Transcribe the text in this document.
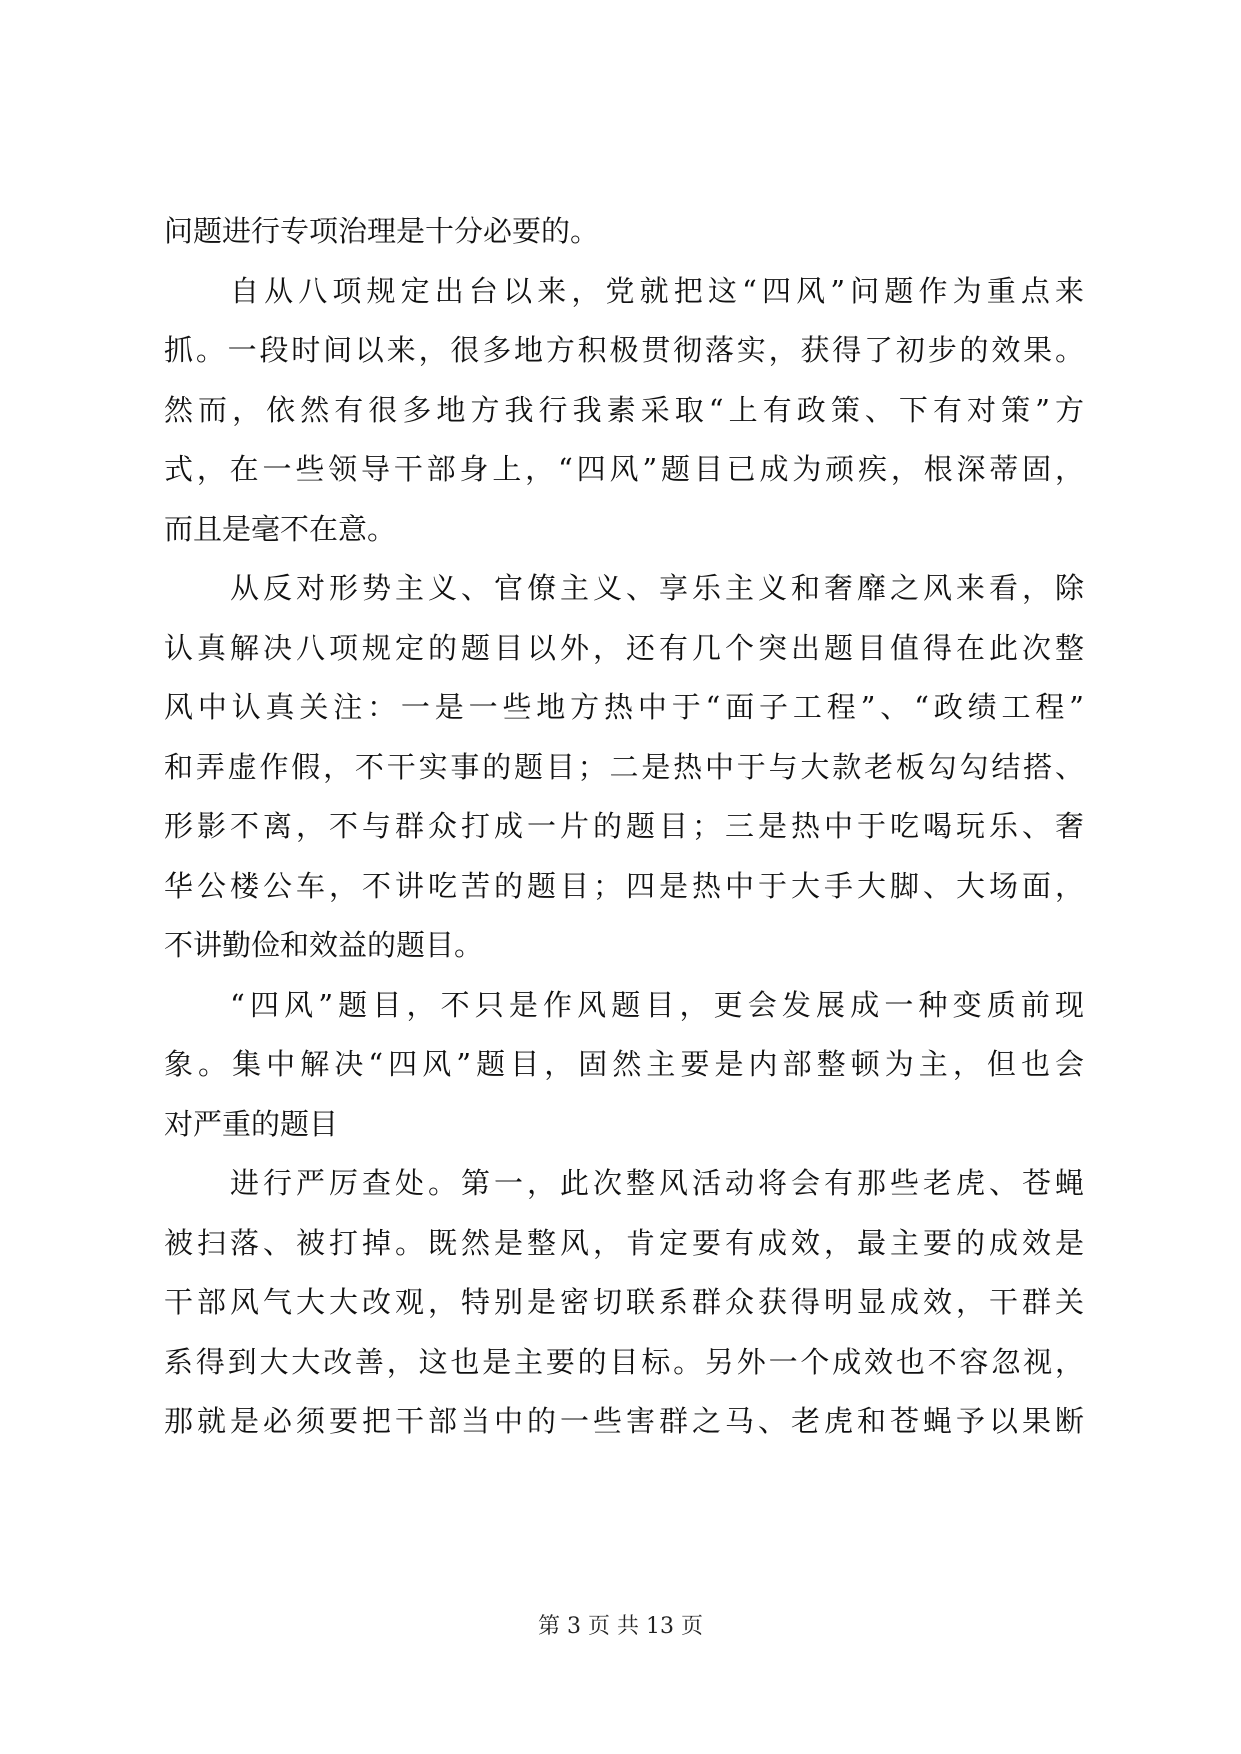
问题进行专项治理是十分必要的。
自从八项规定出台以来，党就把这“四风”问题作为重点来
抓。一段时间以来，很多地方积极贯彻落实，获得了初步的效果。
然而，依然有很多地方我行我素采取“上有政策、下有对策”方
式，在一些领导干部身上，“四风”题目已成为顽疾，根深蒂固，
而且是毫不在意。
从反对形势主义、官僚主义、享乐主义和奢靡之风来看，除
认真解决八项规定的题目以外，还有几个突出题目值得在此次整
风中认真关注：一是一些地方热中于“面子工程”、“政绩工程”
和弄虚作假，不干实事的题目；二是热中于与大款老板勾勾结搭、
形影不离，不与群众打成一片的题目；三是热中于吃喝玩乐、奢
华公楼公车，不讲吃苦的题目；四是热中于大手大脚、大场面，
不讲勤俭和效益的题目。
“四风”题目，不只是作风题目，更会发展成一种变质前现
象。集中解决“四风”题目，固然主要是内部整顿为主，但也会
对严重的题目
进行严厉查处。第一，此次整风活动将会有那些老虎、苍蝇
被扫落、被打掉。既然是整风，肯定要有成效，最主要的成效是
干部风气大大改观，特别是密切联系群众获得明显成效，干群关
系得到大大改善，这也是主要的目标。另外一个成效也不容忽视，
那就是必须要把干部当中的一些害群之马、老虎和苍蝇予以果断
第 3 页 共 13 页
